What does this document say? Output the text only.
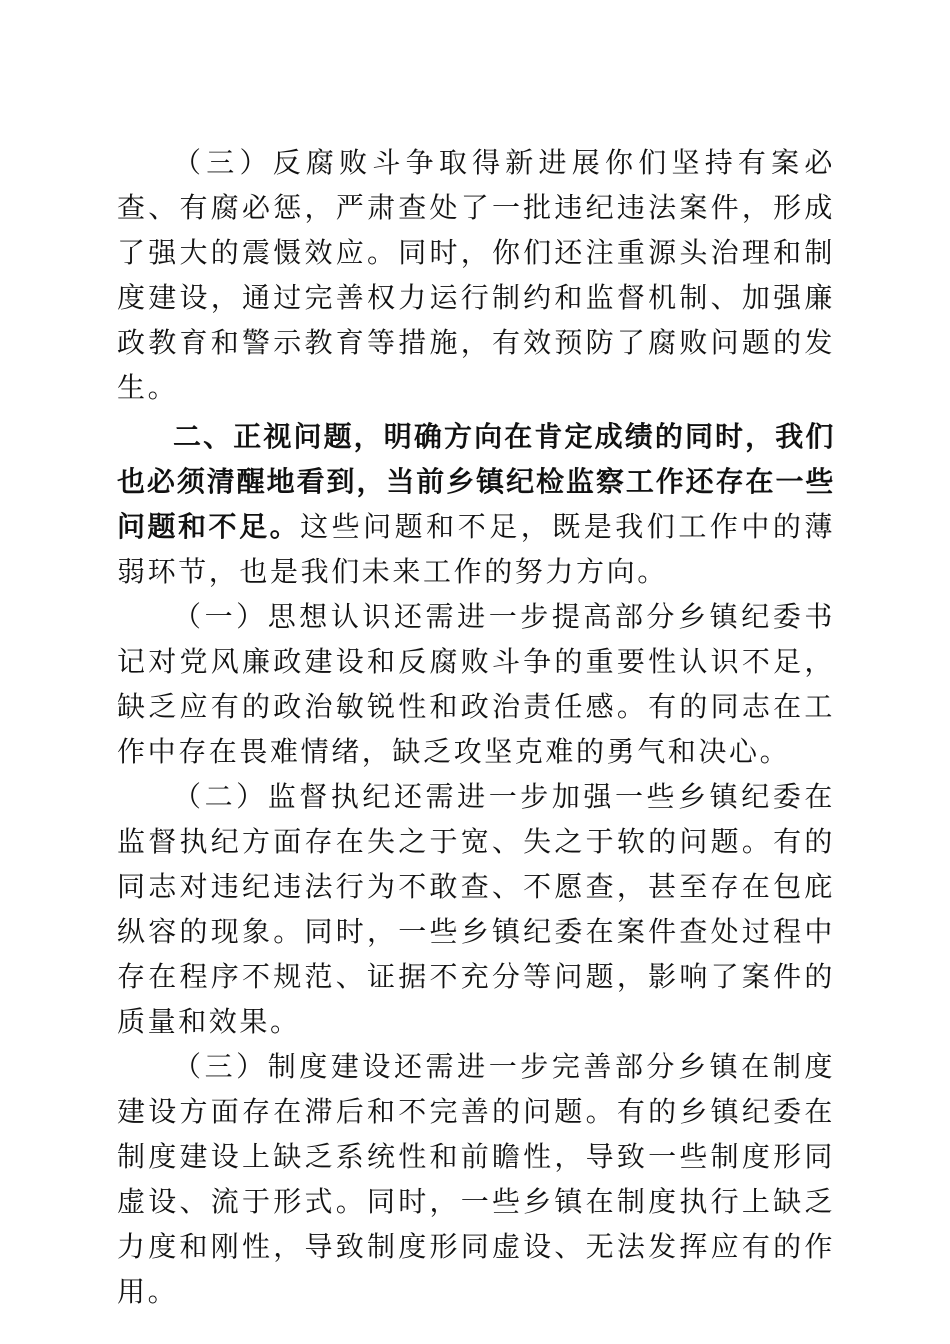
（三）反腐败斗争取得新进展你们坚持有案必查、有腐必惩，严肃查处了一批违纪违法案件，形成了强大的震慑效应。同时，你们还注重源头治理和制度建设，通过完善权力运行制约和监督机制、加强廉政教育和警示教育等措施，有效预防了腐败问题的发生。

二、正视问题，明确方向在肯定成绩的同时，我们也必须清醒地看到，当前乡镇纪检监察工作还存在一些问题和不足。这些问题和不足，既是我们工作中的薄弱环节，也是我们未来工作的努力方向。

（一）思想认识还需进一步提高部分乡镇纪委书记对党风廉政建设和反腐败斗争的重要性认识不足，缺乏应有的政治敏锐性和政治责任感。有的同志在工作中存在畏难情绪，缺乏攻坚克难的勇气和决心。

（二）监督执纪还需进一步加强一些乡镇纪委在监督执纪方面存在失之于宽、失之于软的问题。有的同志对违纪违法行为不敢查、不愿查，甚至存在包庇纵容的现象。同时，一些乡镇纪委在案件查处过程中存在程序不规范、证据不充分等问题，影响了案件的质量和效果。

（三）制度建设还需进一步完善部分乡镇在制度建设方面存在滞后和不完善的问题。有的乡镇纪委在制度建设上缺乏系统性和前瞻性，导致一些制度形同虚设、流于形式。同时，一些乡镇在制度执行上缺乏力度和刚性，导致制度形同虚设、无法发挥应有的作用。
